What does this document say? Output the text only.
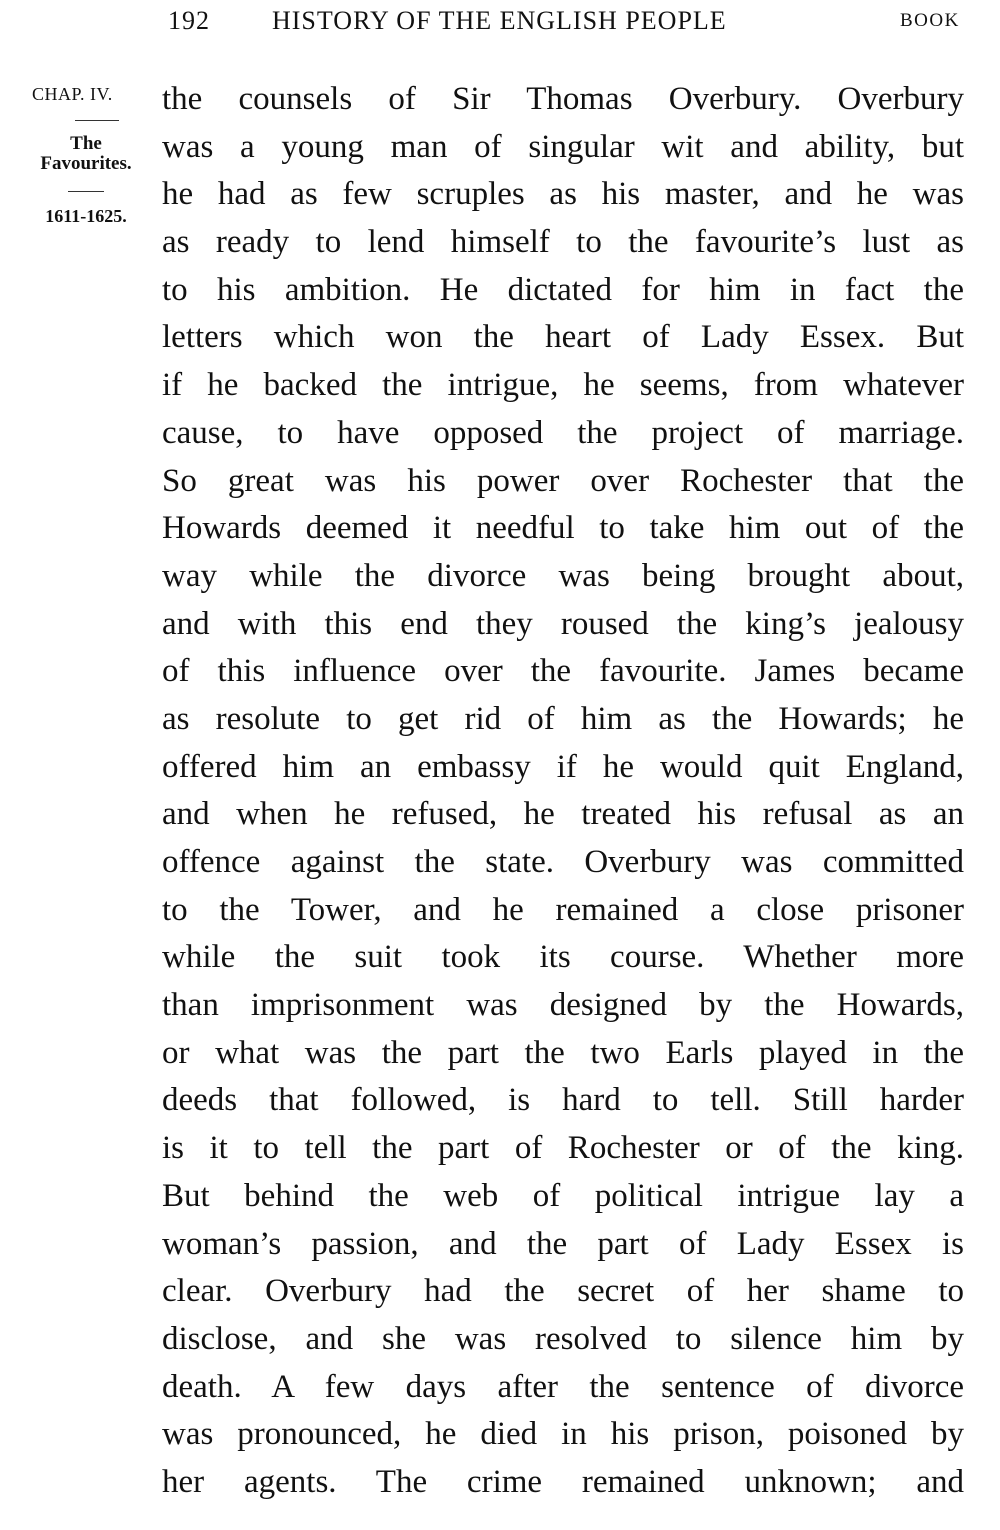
192 HISTORY OF THE ENGLISH PEOPLE	BOOK
CHAP. IV.
The
Favourites.
1611-1625.
the counsels of Sir Thomas Overbury. Overbury
was a young man of singular wit and ability, but
he had as few scruples as his master, and he was
as ready to lend himself to the favourite’s lust as
to his ambition. He dictated for him in fact the
letters which won the heart of Lady Essex. But
if he backed the intrigue, he seems, from whatever
cause, to have opposed the project of marriage.
So great was his power over Rochester that the
Howards deemed it needful to take him out of the
way while the divorce was being brought about,
and with this end they roused the king’s jealousy
of this influence over the favourite. James became
as resolute to get rid of him as the Howards; he
offered him an embassy if he would quit England,
and when he refused, he treated his refusal as an
offence against the state. Overbury was committed
to the Tower, and he remained a close prisoner
while the suit took its course. Whether more
than imprisonment was designed by the Howards,
or what was the part the two Earls played in the
deeds that followed, is hard to tell. Still harder
is it to tell the part of Rochester or of the king.
But behind the web of political intrigue lay a
woman’s passion, and the part of Lady Essex is
clear. Overbury had the secret of her shame to
disclose, and she was resolved to silence him by
death. A few days after the sentence of divorce
was pronounced, he died in his prison, poisoned by
her agents. The crime remained unknown; and
